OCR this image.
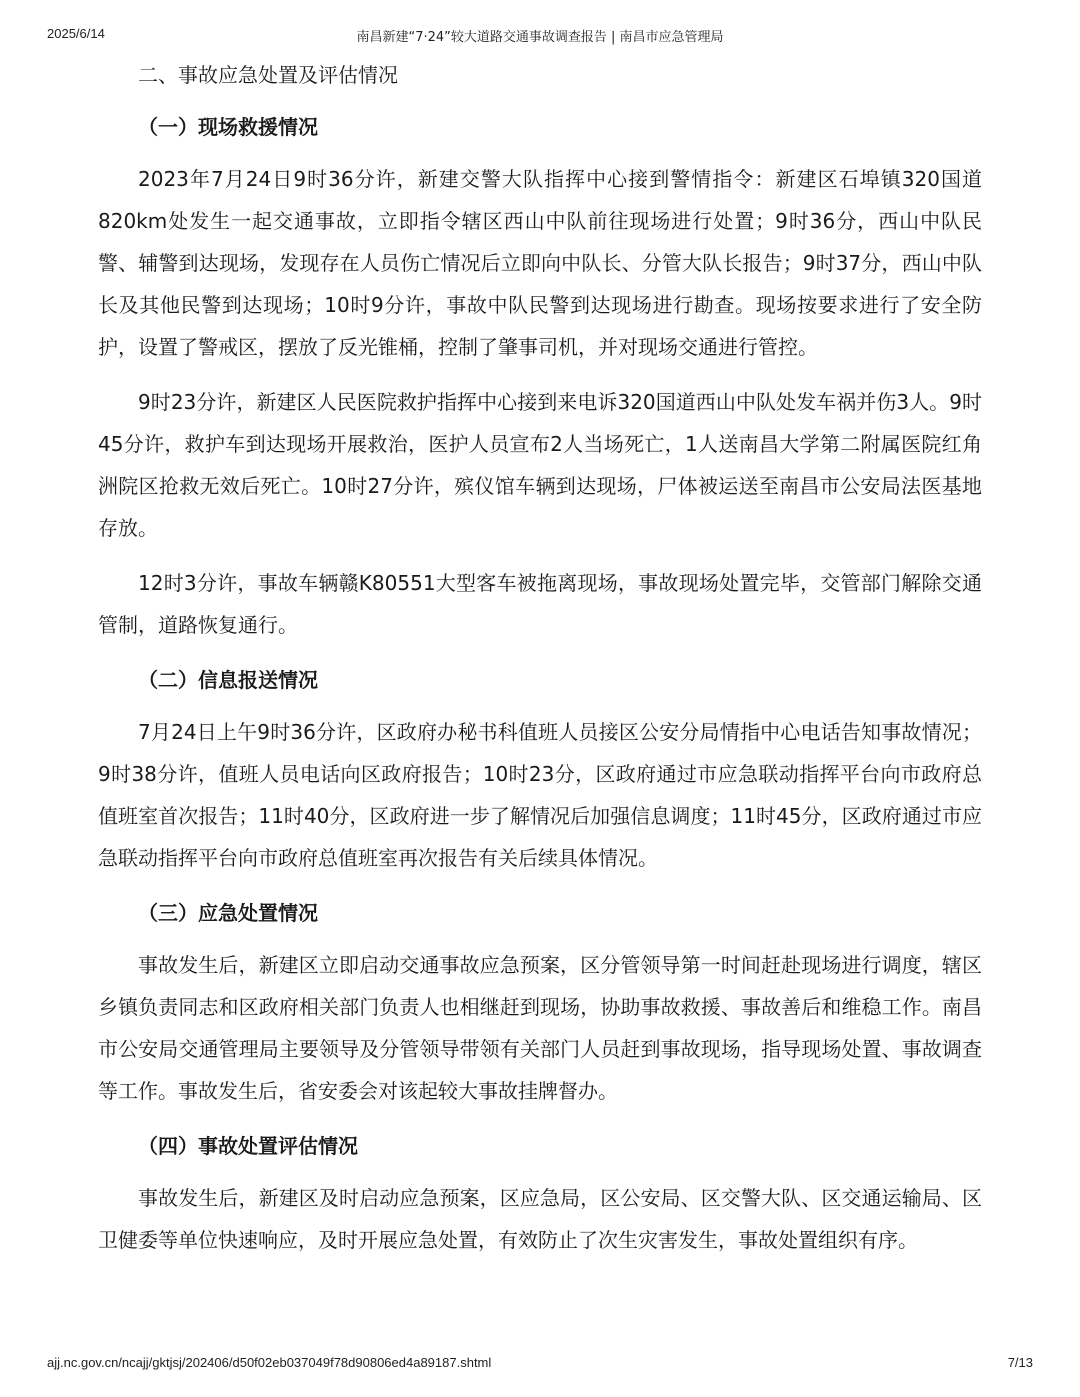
2025/6/14	南昌新建“7·24”较大道路交通事故调查报告 | 南昌市应急管理局
二、事故应急处置及评估情况
（一）现场救援情况

2023年7月24日9时36分许，新建交警大队指挥中心接到警情指令：新建区石埠镇320国道820km处发生一起交通事故，立即指令辖区西山中队前往现场进行处置；9时36分，西山中队民警、辅警到达现场，发现存在人员伤亡情况后立即向中队长、分管大队长报告；9时37分，西山中队长及其他民警到达现场；10时9分许，事故中队民警到达现场进行勘查。现场按要求进行了安全防护，设置了警戒区，摆放了反光锥桶，控制了肇事司机，并对现场交通进行管控。

9时23分许，新建区人民医院救护指挥中心接到来电诉320国道西山中队处发车祸并伤3人。9时45分许，救护车到达现场开展救治，医护人员宣布2人当场死亡，1人送南昌大学第二附属医院红角洲院区抢救无效后死亡。10时27分许，殡仪馆车辆到达现场，尸体被运送至南昌市公安局法医基地存放。

12时3分许，事故车辆赣K80551大型客车被拖离现场，事故现场处置完毕，交管部门解除交通管制，道路恢复通行。

（二）信息报送情况

7月24日上午9时36分许，区政府办秘书科值班人员接区公安分局情指中心电话告知事故情况；9时38分许，值班人员电话向区政府报告；10时23分，区政府通过市应急联动指挥平台向市政府总值班室首次报告；11时40分，区政府进一步了解情况后加强信息调度；11时45分，区政府通过市应急联动指挥平台向市政府总值班室再次报告有关后续具体情况。

（三）应急处置情况

事故发生后，新建区立即启动交通事故应急预案，区分管领导第一时间赶赴现场进行调度，辖区乡镇负责同志和区政府相关部门负责人也相继赶到现场，协助事故救援、事故善后和维稳工作。南昌市公安局交通管理局主要领导及分管领导带领有关部门人员赶到事故现场，指导现场处置、事故调查等工作。事故发生后，省安委会对该起较大事故挂牌督办。

（四）事故处置评估情况

事故发生后，新建区及时启动应急预案，区应急局，区公安局、区交警大队、区交通运输局、区卫健委等单位快速响应，及时开展应急处置，有效防止了次生灾害发生，事故处置组织有序。

ajj.nc.gov.cn/ncajj/gktjsj/202406/d50f02eb037049f78d90806ed4a89187.shtml	7/13
